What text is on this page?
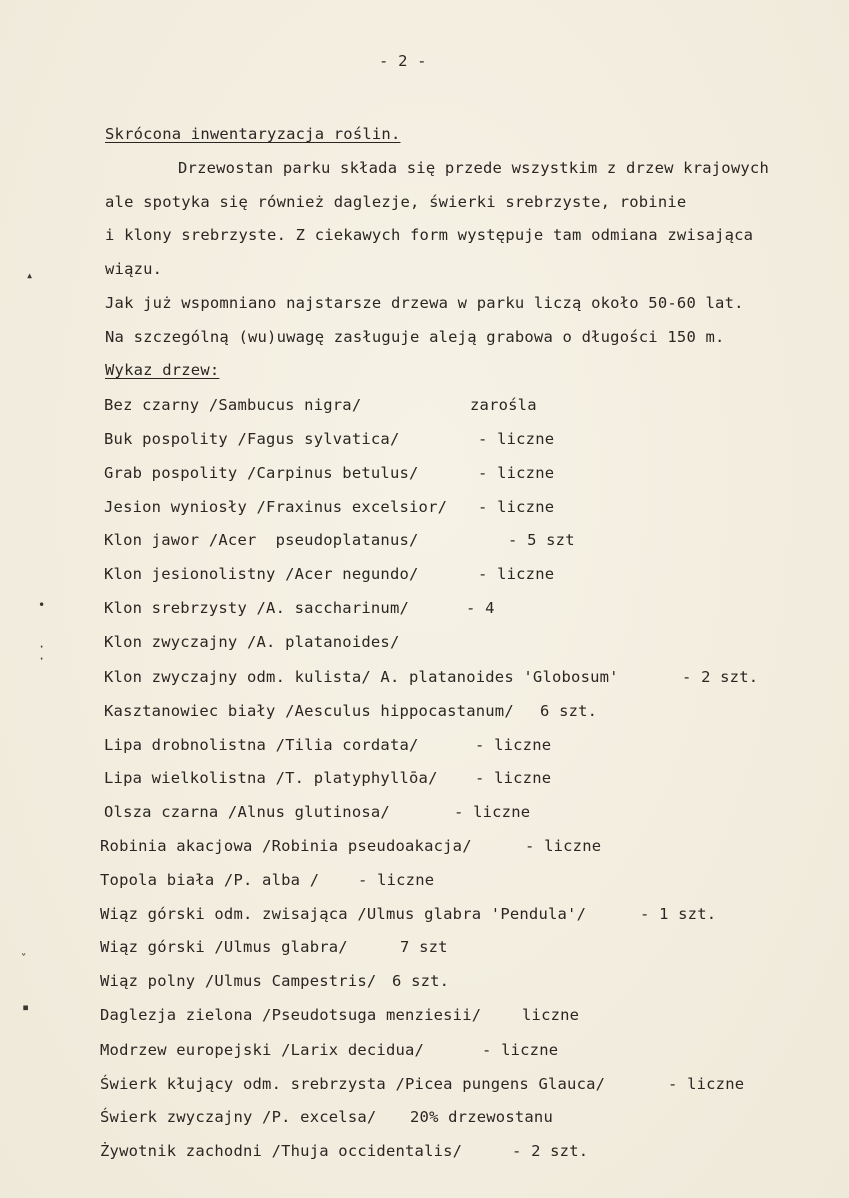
- 2 -
Skrócona inwentaryzacja roślin.
Drzewostan parku składa się przede wszystkim z drzew krajowych
ale spotyka się również daglezje, świerki srebrzyste, robinie
i klony srebrzyste. Z ciekawych form występuje tam odmiana zwisająca
wiązu.
Jak już wspomniano najstarsze drzewa w parku liczą około 50-60 lat.
Na szczególną (wu)uwagę zasługuje aleją grabowa o długości 150 m.
Wykaz drzew:
Bez czarny /Sambucus nigra/	zarośla
Buk pospolity /Fagus sylvatica/	- liczne
Grab pospolity /Carpinus betulus/	- liczne
Jesion wyniosły /Fraxinus excelsior/ - liczne
Klon jawor /Acer  pseudoplatanus/	- 5 szt
Klon jesionolistny /Acer negundo/	- liczne
Klon srebrzysty /A. saccharinum/	- 4
Klon zwyczajny /A. platanoides/
Klon zwyczajny odm. kulista/ A. platanoides 'Globosum'	- 2 szt.
Kasztanowiec biały /Aesculus hippocastanum/ 6 szt.
Lipa drobnolistna /Tilia cordata/	- liczne
Lipa wielkolistna /T. platyphyllōa/ - liczne
Olsza czarna /Alnus glutinosa/	- liczne
Robinia akacjowa /Robinia pseudoakacja/	- liczne
Topola biała /P. alba /	- liczne
Wiąz górski odm. zwisająca /Ulmus glabra 'Pendula'/	- 1 szt.
Wiąz górski /Ulmus glabra/	7 szt
Wiąz polny /Ulmus Campestris/ 6 szt.
Daglezja zielona /Pseudotsuga menziesii/	liczne
Modrzew europejski /Larix decidua/	- liczne
Świerk kłujący odm. srebrzysta /Picea pungens Glauca/	- liczne
Świerk zwyczajny /P. excelsa/ 20% drzewostanu
Żywotnik zachodni /Thuja occidentalis/	- 2 szt.
▴
•
·
·
ˇ
▪
